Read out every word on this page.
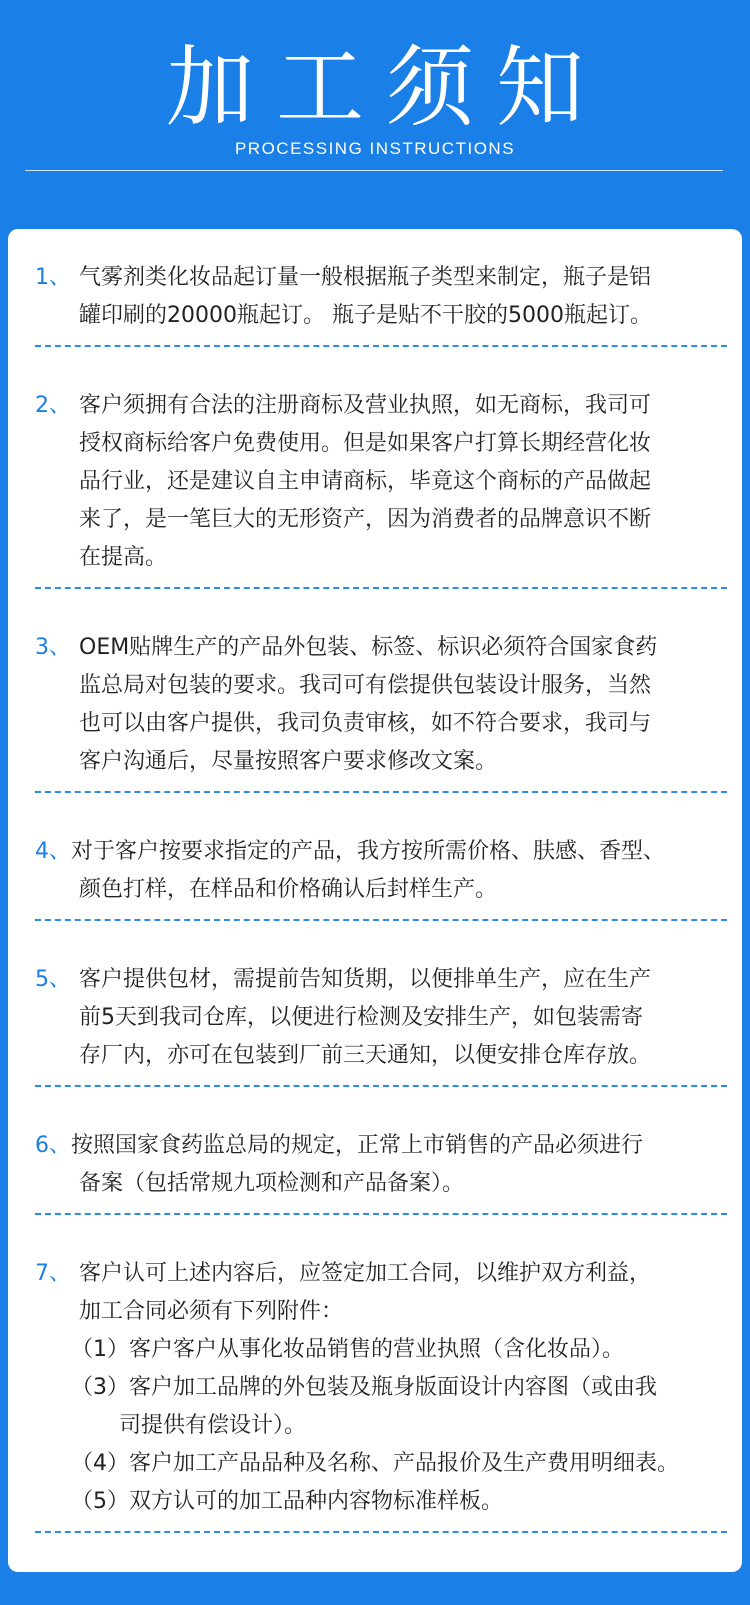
加工须知
PROCESSING INSTRUCTIONS
1、 气雾剂类化妆品起订量一般根据瓶子类型来制定，瓶子是铝
罐印刷的20000瓶起订。 瓶子是贴不干胶的5000瓶起订。
2、 客户须拥有合法的注册商标及营业执照，如无商标，我司可
授权商标给客户免费使用。但是如果客户打算长期经营化妆
品行业，还是建议自主申请商标，毕竟这个商标的产品做起
来了，是一笔巨大的无形资产，因为消费者的品牌意识不断
在提高。
3、 OEM贴牌生产的产品外包装、标签、标识必须符合国家食药
监总局对包装的要求。我司可有偿提供包装设计服务，当然
也可以由客户提供，我司负责审核，如不符合要求，我司与
客户沟通后，尽量按照客户要求修改文案。
4、对于客户按要求指定的产品，我方按所需价格、肤感、香型、
颜色打样，在样品和价格确认后封样生产。
5、 客户提供包材，需提前告知货期，以便排单生产，应在生产
前5天到我司仓库，以便进行检测及安排生产，如包装需寄
存厂内，亦可在包装到厂前三天通知，以便安排仓库存放。
6、按照国家食药监总局的规定，正常上市销售的产品必须进行
备案（包括常规九项检测和产品备案）。
7、 客户认可上述内容后，应签定加工合同，以维护双方利益，
加工合同必须有下列附件：
（1）客户客户从事化妆品销售的营业执照（含化妆品）。
（3）客户加工品牌的外包装及瓶身版面设计内容图（或由我
司提供有偿设计）。
（4）客户加工产品品种及名称、产品报价及生产费用明细表。
（5）双方认可的加工品种内容物标准样板。
